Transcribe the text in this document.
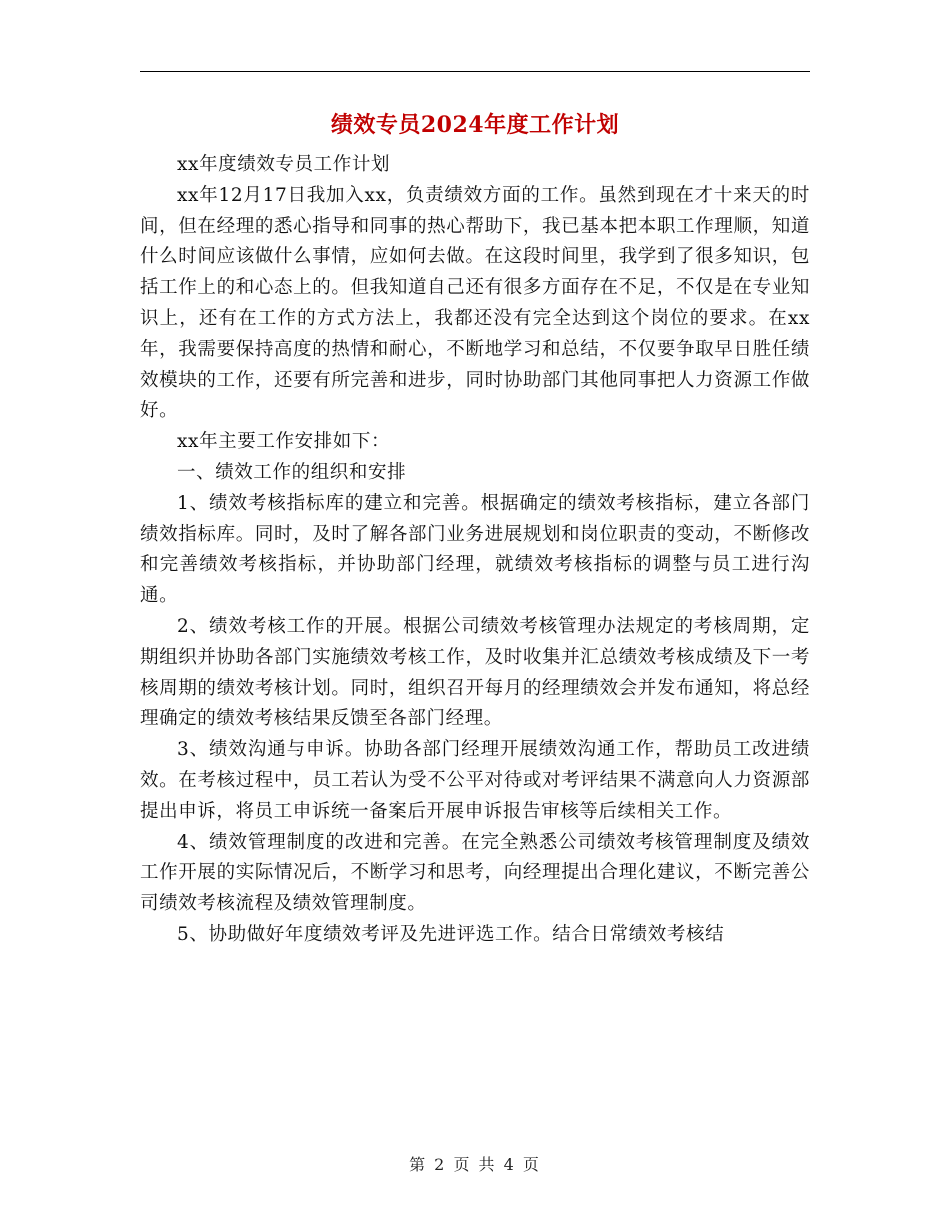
绩效专员2024年度工作计划

xx年度绩效专员工作计划

xx年12月17日我加入xx，负责绩效方面的工作。虽然到现在才十来天的时间，但在经理的悉心指导和同事的热心帮助下，我已基本把本职工作理顺，知道什么时间应该做什么事情，应如何去做。在这段时间里，我学到了很多知识，包括工作上的和心态上的。但我知道自己还有很多方面存在不足，不仅是在专业知识上，还有在工作的方式方法上，我都还没有完全达到这个岗位的要求。在xx年，我需要保持高度的热情和耐心，不断地学习和总结，不仅要争取早日胜任绩效模块的工作，还要有所完善和进步，同时协助部门其他同事把人力资源工作做好。

xx年主要工作安排如下：

一、绩效工作的组织和安排

1、绩效考核指标库的建立和完善。根据确定的绩效考核指标，建立各部门绩效指标库。同时，及时了解各部门业务进展规划和岗位职责的变动，不断修改和完善绩效考核指标，并协助部门经理，就绩效考核指标的调整与员工进行沟通。

2、绩效考核工作的开展。根据公司绩效考核管理办法规定的考核周期，定期组织并协助各部门实施绩效考核工作，及时收集并汇总绩效考核成绩及下一考核周期的绩效考核计划。同时，组织召开每月的经理绩效会并发布通知，将总经理确定的绩效考核结果反馈至各部门经理。

3、绩效沟通与申诉。协助各部门经理开展绩效沟通工作，帮助员工改进绩效。在考核过程中，员工若认为受不公平对待或对考评结果不满意向人力资源部提出申诉，将员工申诉统一备案后开展申诉报告审核等后续相关工作。

4、绩效管理制度的改进和完善。在完全熟悉公司绩效考核管理制度及绩效工作开展的实际情况后，不断学习和思考，向经理提出合理化建议，不断完善公司绩效考核流程及绩效管理制度。

5、协助做好年度绩效考评及先进评选工作。结合日常绩效考核结

第 2 页 共 4 页
